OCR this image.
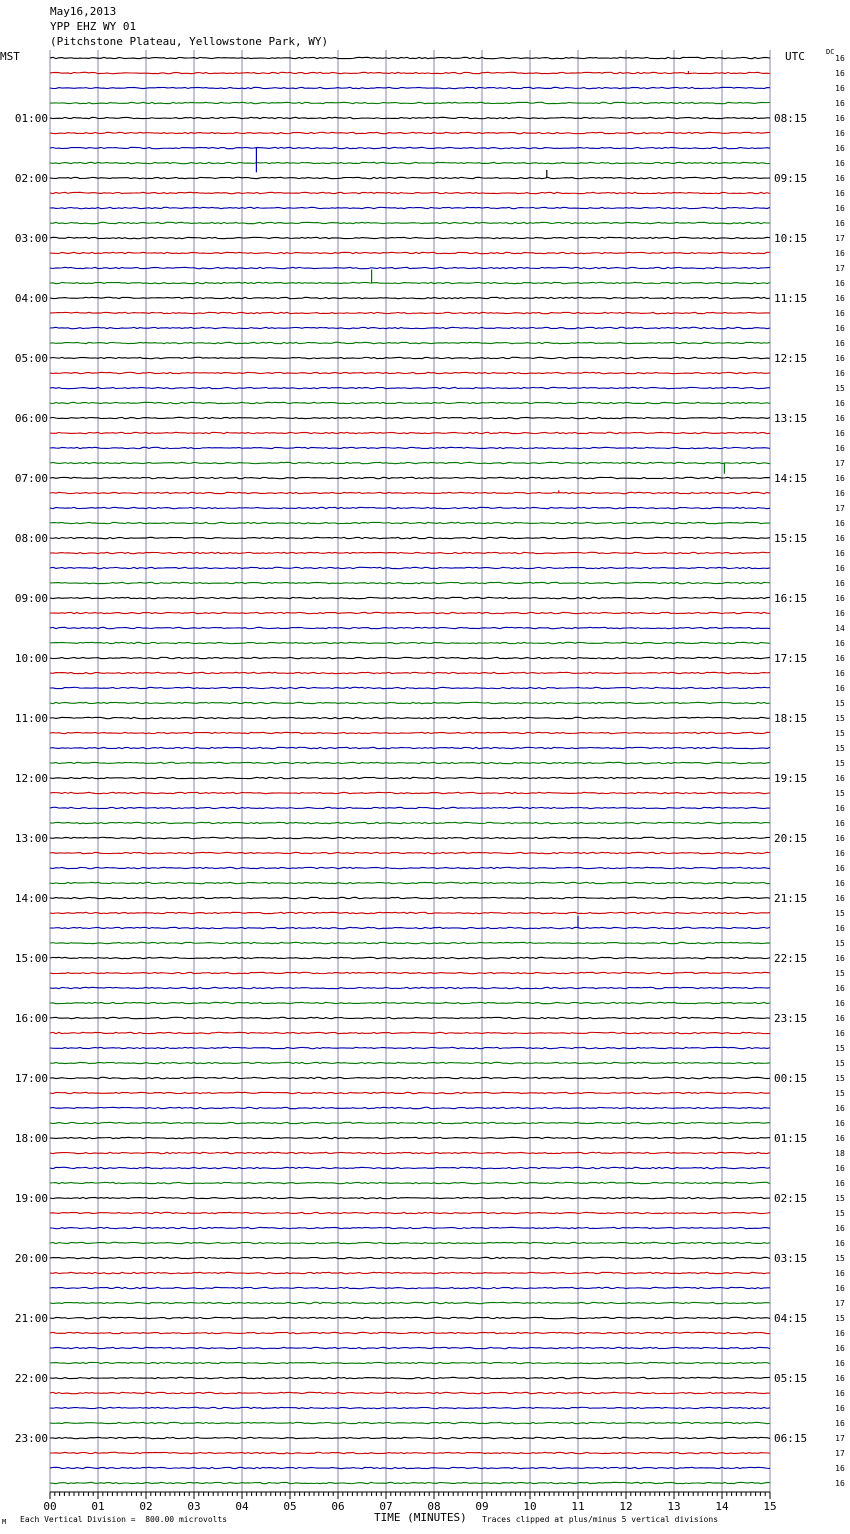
May16,2013
YPP EHZ WY 01
(Pitchstone Plateau, Yellowstone Park, WY)
MST	UTC	DC
01:00
02:00
03:00
04:00
05:00
06:00
07:00
08:00
09:00
10:00
11:00
12:00
13:00
14:00
15:00
16:00
17:00
18:00
19:00
20:00
21:00
22:00
23:00
08:15
09:15
10:15
11:15
12:15
13:15
14:15
15:15
16:15
17:15
18:15
19:15
20:15
21:15
22:15
23:15
00:15
01:15
02:15
03:15
04:15
05:15
06:15
16
16
16
16
16
16
16
16
16
16
16
16
17
16
17
16
16
16
16
16
16
16
15
16
16
16
16
17
16
16
17
16
16
16
16
16
16
16
14
16
16
16
16
15
15
15
15
15
16
15
16
16
16
16
16
16
16
15
16
15
16
15
16
16
16
16
15
15
15
15
16
16
16
18
16
16
15
15
16
16
15
16
16
17
15
16
16
16
16
16
16
16
17
17
16
16
00	01	02	03	04	05	06	07	08	09	10	11	12	13	14	15
M Each Vertical Division =  800.00 microvolts	TIME (MINUTES) Traces clipped at plus/minus 5 vertical divisions
